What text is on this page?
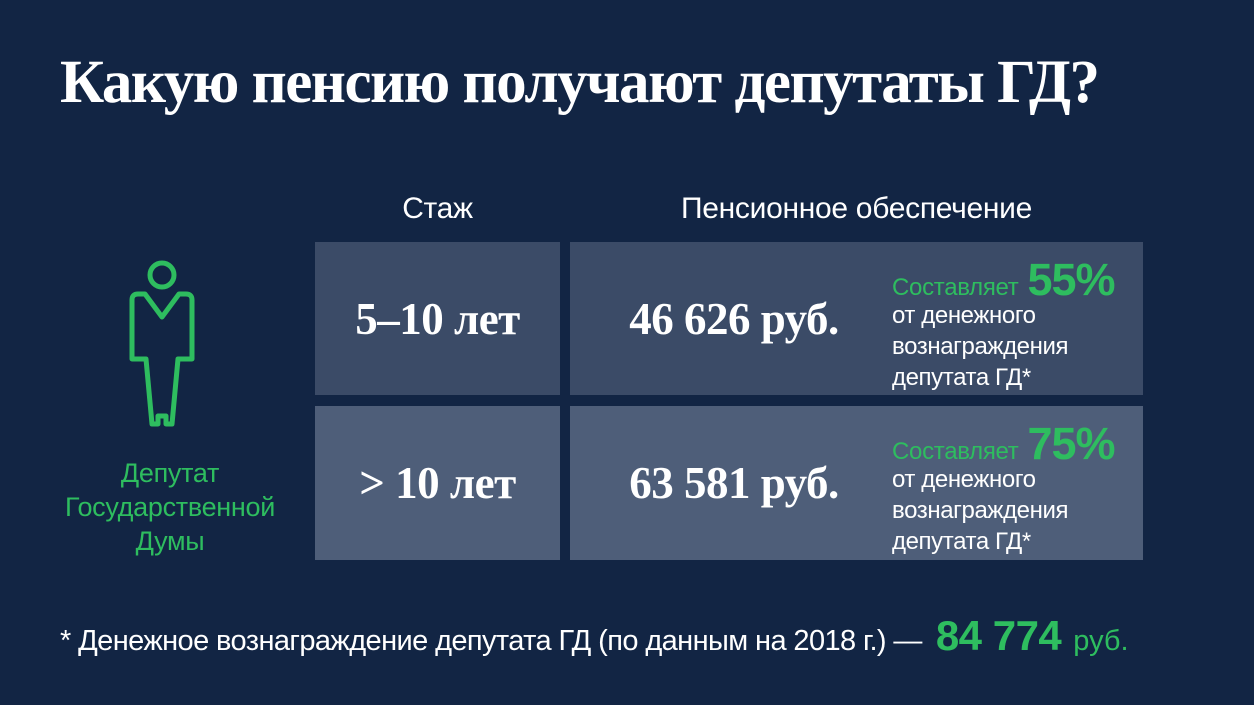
Какую пенсию получают депутаты ГД?
Стаж	Пенсионное обеспечение
Депутат
Государственной
Думы
5–10 лет 46 626 руб.
Составляет 55%
от денежного
вознаграждения
депутата ГД*
> 10 лет	63 581 руб.
Составляет 75%
от денежного
вознаграждения
депутата ГД*
* Денежное вознаграждение депутата ГД (по данным на 2018 г.) — 84 774 руб.
